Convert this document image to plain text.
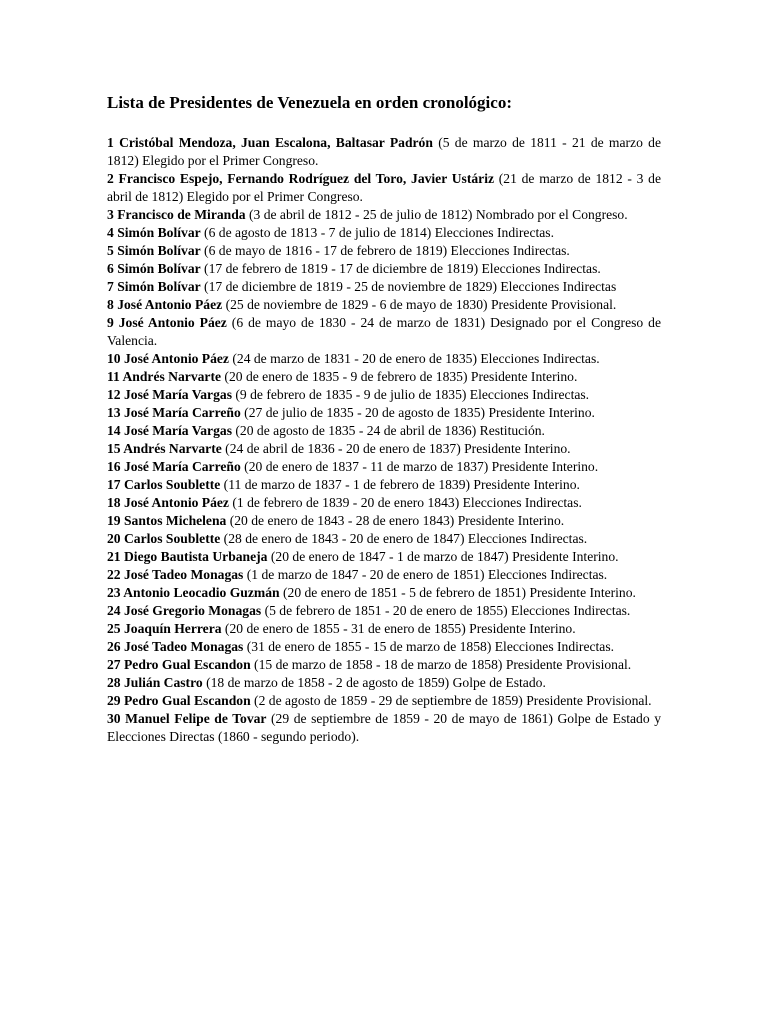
Lista de Presidentes de Venezuela en orden cronológico:
1 Cristóbal Mendoza, Juan Escalona, Baltasar Padrón (5 de marzo de 1811 - 21 de marzo de 1812) Elegido por el Primer Congreso.
2 Francisco Espejo, Fernando Rodríguez del Toro, Javier Ustáriz (21 de marzo de 1812 - 3 de abril de 1812) Elegido por el Primer Congreso.
3 Francisco de Miranda (3 de abril de 1812 - 25 de julio de 1812) Nombrado por el Congreso.
4 Simón Bolívar (6 de agosto de 1813 - 7 de julio de 1814) Elecciones Indirectas.
5 Simón Bolívar (6 de mayo de 1816 - 17 de febrero de 1819) Elecciones Indirectas.
6 Simón Bolívar (17 de febrero de 1819 - 17 de diciembre de 1819) Elecciones Indirectas.
7 Simón Bolívar (17 de diciembre de 1819 - 25 de noviembre de 1829) Elecciones Indirectas
8 José Antonio Páez (25 de noviembre de 1829 - 6 de mayo de 1830) Presidente Provisional.
9 José Antonio Páez (6 de mayo de 1830 - 24 de marzo de 1831) Designado por el Congreso de Valencia.
10 José Antonio Páez (24 de marzo de 1831 - 20 de enero de 1835) Elecciones Indirectas.
11 Andrés Narvarte (20 de enero de 1835 - 9 de febrero de 1835) Presidente Interino.
12 José María Vargas (9 de febrero de 1835 - 9 de julio de 1835) Elecciones Indirectas.
13 José María Carreño (27 de julio de 1835 - 20 de agosto de 1835) Presidente Interino.
14 José María Vargas (20 de agosto de 1835 - 24 de abril de 1836) Restitución.
15 Andrés Narvarte (24 de abril de 1836 - 20 de enero de 1837) Presidente Interino.
16 José María Carreño (20 de enero de 1837 - 11 de marzo de 1837) Presidente Interino.
17 Carlos Soublette (11 de marzo de 1837 - 1 de febrero de 1839) Presidente Interino.
18 José Antonio Páez (1 de febrero de 1839 - 20 de enero 1843) Elecciones Indirectas.
19 Santos Michelena (20 de enero de 1843 - 28 de enero 1843) Presidente Interino.
20 Carlos Soublette (28 de enero de 1843 - 20 de enero de 1847) Elecciones Indirectas.
21 Diego Bautista Urbaneja (20 de enero de 1847 - 1 de marzo de 1847) Presidente Interino.
22 José Tadeo Monagas (1 de marzo de 1847 - 20 de enero de 1851) Elecciones Indirectas.
23 Antonio Leocadio Guzmán (20 de enero de 1851 - 5 de febrero de 1851) Presidente Interino.
24 José Gregorio Monagas (5 de febrero de 1851 - 20 de enero de 1855) Elecciones Indirectas.
25 Joaquín Herrera (20 de enero de 1855 - 31 de enero de 1855) Presidente Interino.
26 José Tadeo Monagas (31 de enero de 1855 - 15 de marzo de 1858) Elecciones Indirectas.
27 Pedro Gual Escandon (15 de marzo de 1858 - 18 de marzo de 1858) Presidente Provisional.
28 Julián Castro (18 de marzo de 1858 - 2 de agosto de 1859) Golpe de Estado.
29 Pedro Gual Escandon (2 de agosto de 1859 - 29 de septiembre de 1859) Presidente Provisional.
30 Manuel Felipe de Tovar (29 de septiembre de 1859 - 20 de mayo de 1861) Golpe de Estado y Elecciones Directas (1860 - segundo periodo).
